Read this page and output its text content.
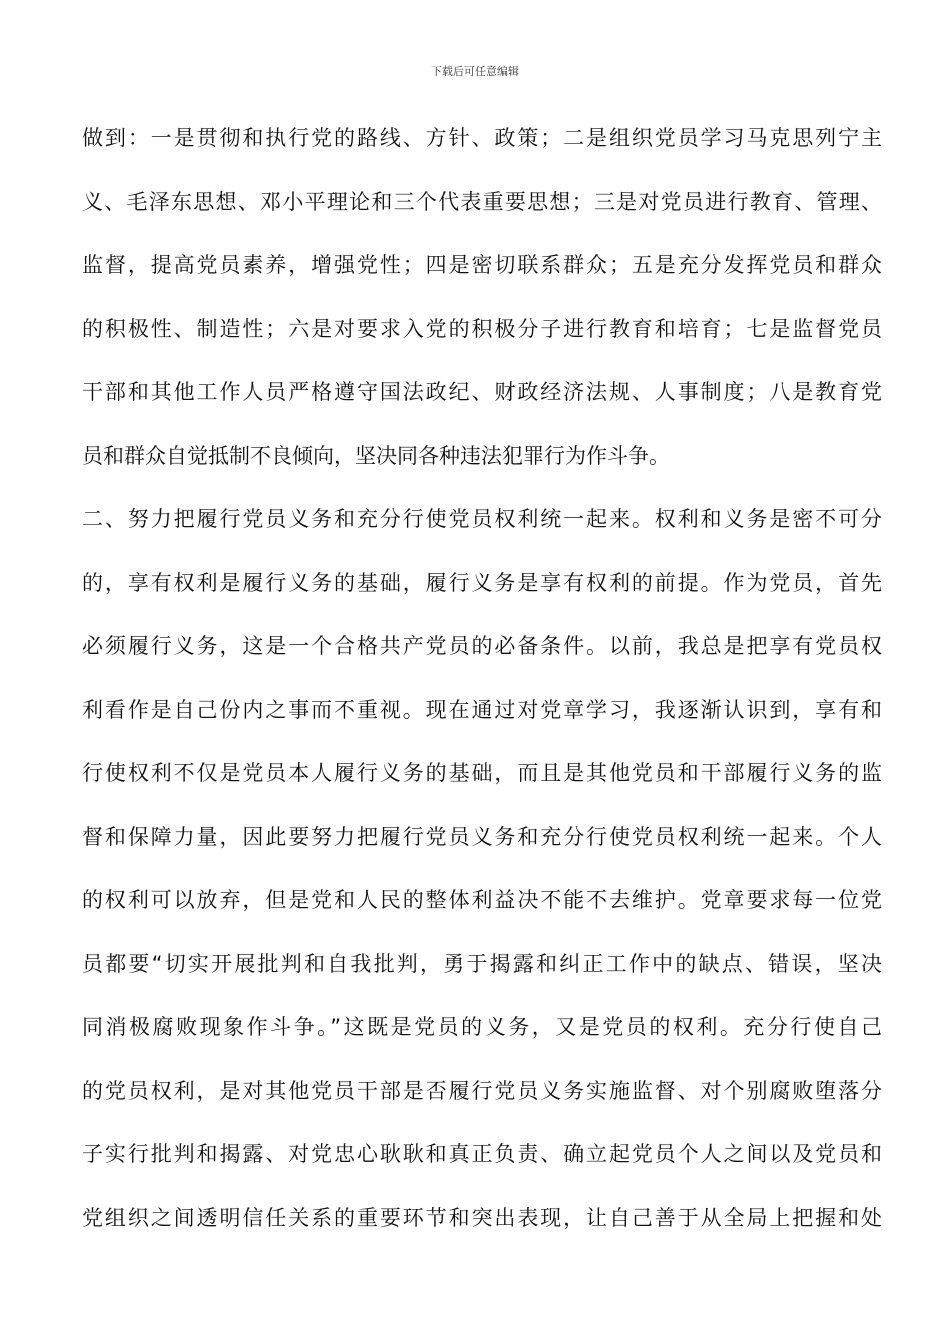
下载后可任意编辑
做到：一是贯彻和执行党的路线、方针、政策；二是组织党员学习马克思列宁主
义、毛泽东思想、邓小平理论和三个代表重要思想；三是对党员进行教育、管理、
监督，提高党员素养，增强党性；四是密切联系群众；五是充分发挥党员和群众
的积极性、制造性；六是对要求入党的积极分子进行教育和培育；七是监督党员
干部和其他工作人员严格遵守国法政纪、财政经济法规、人事制度；八是教育党
员和群众自觉抵制不良倾向，坚决同各种违法犯罪行为作斗争。
二、努力把履行党员义务和充分行使党员权利统一起来。权利和义务是密不可分
的，享有权利是履行义务的基础，履行义务是享有权利的前提。作为党员，首先
必须履行义务，这是一个合格共产党员的必备条件。以前，我总是把享有党员权
利看作是自己份内之事而不重视。现在通过对党章学习，我逐渐认识到，享有和
行使权利不仅是党员本人履行义务的基础，而且是其他党员和干部履行义务的监
督和保障力量，因此要努力把履行党员义务和充分行使党员权利统一起来。个人
的权利可以放弃，但是党和人民的整体利益决不能不去维护。党章要求每一位党
员都要“切实开展批判和自我批判，勇于揭露和纠正工作中的缺点、错误，坚决
同消极腐败现象作斗争。”这既是党员的义务，又是党员的权利。充分行使自己
的党员权利，是对其他党员干部是否履行党员义务实施监督、对个别腐败堕落分
子实行批判和揭露、对党忠心耿耿和真正负责、确立起党员个人之间以及党员和
党组织之间透明信任关系的重要环节和突出表现，让自己善于从全局上把握和处
